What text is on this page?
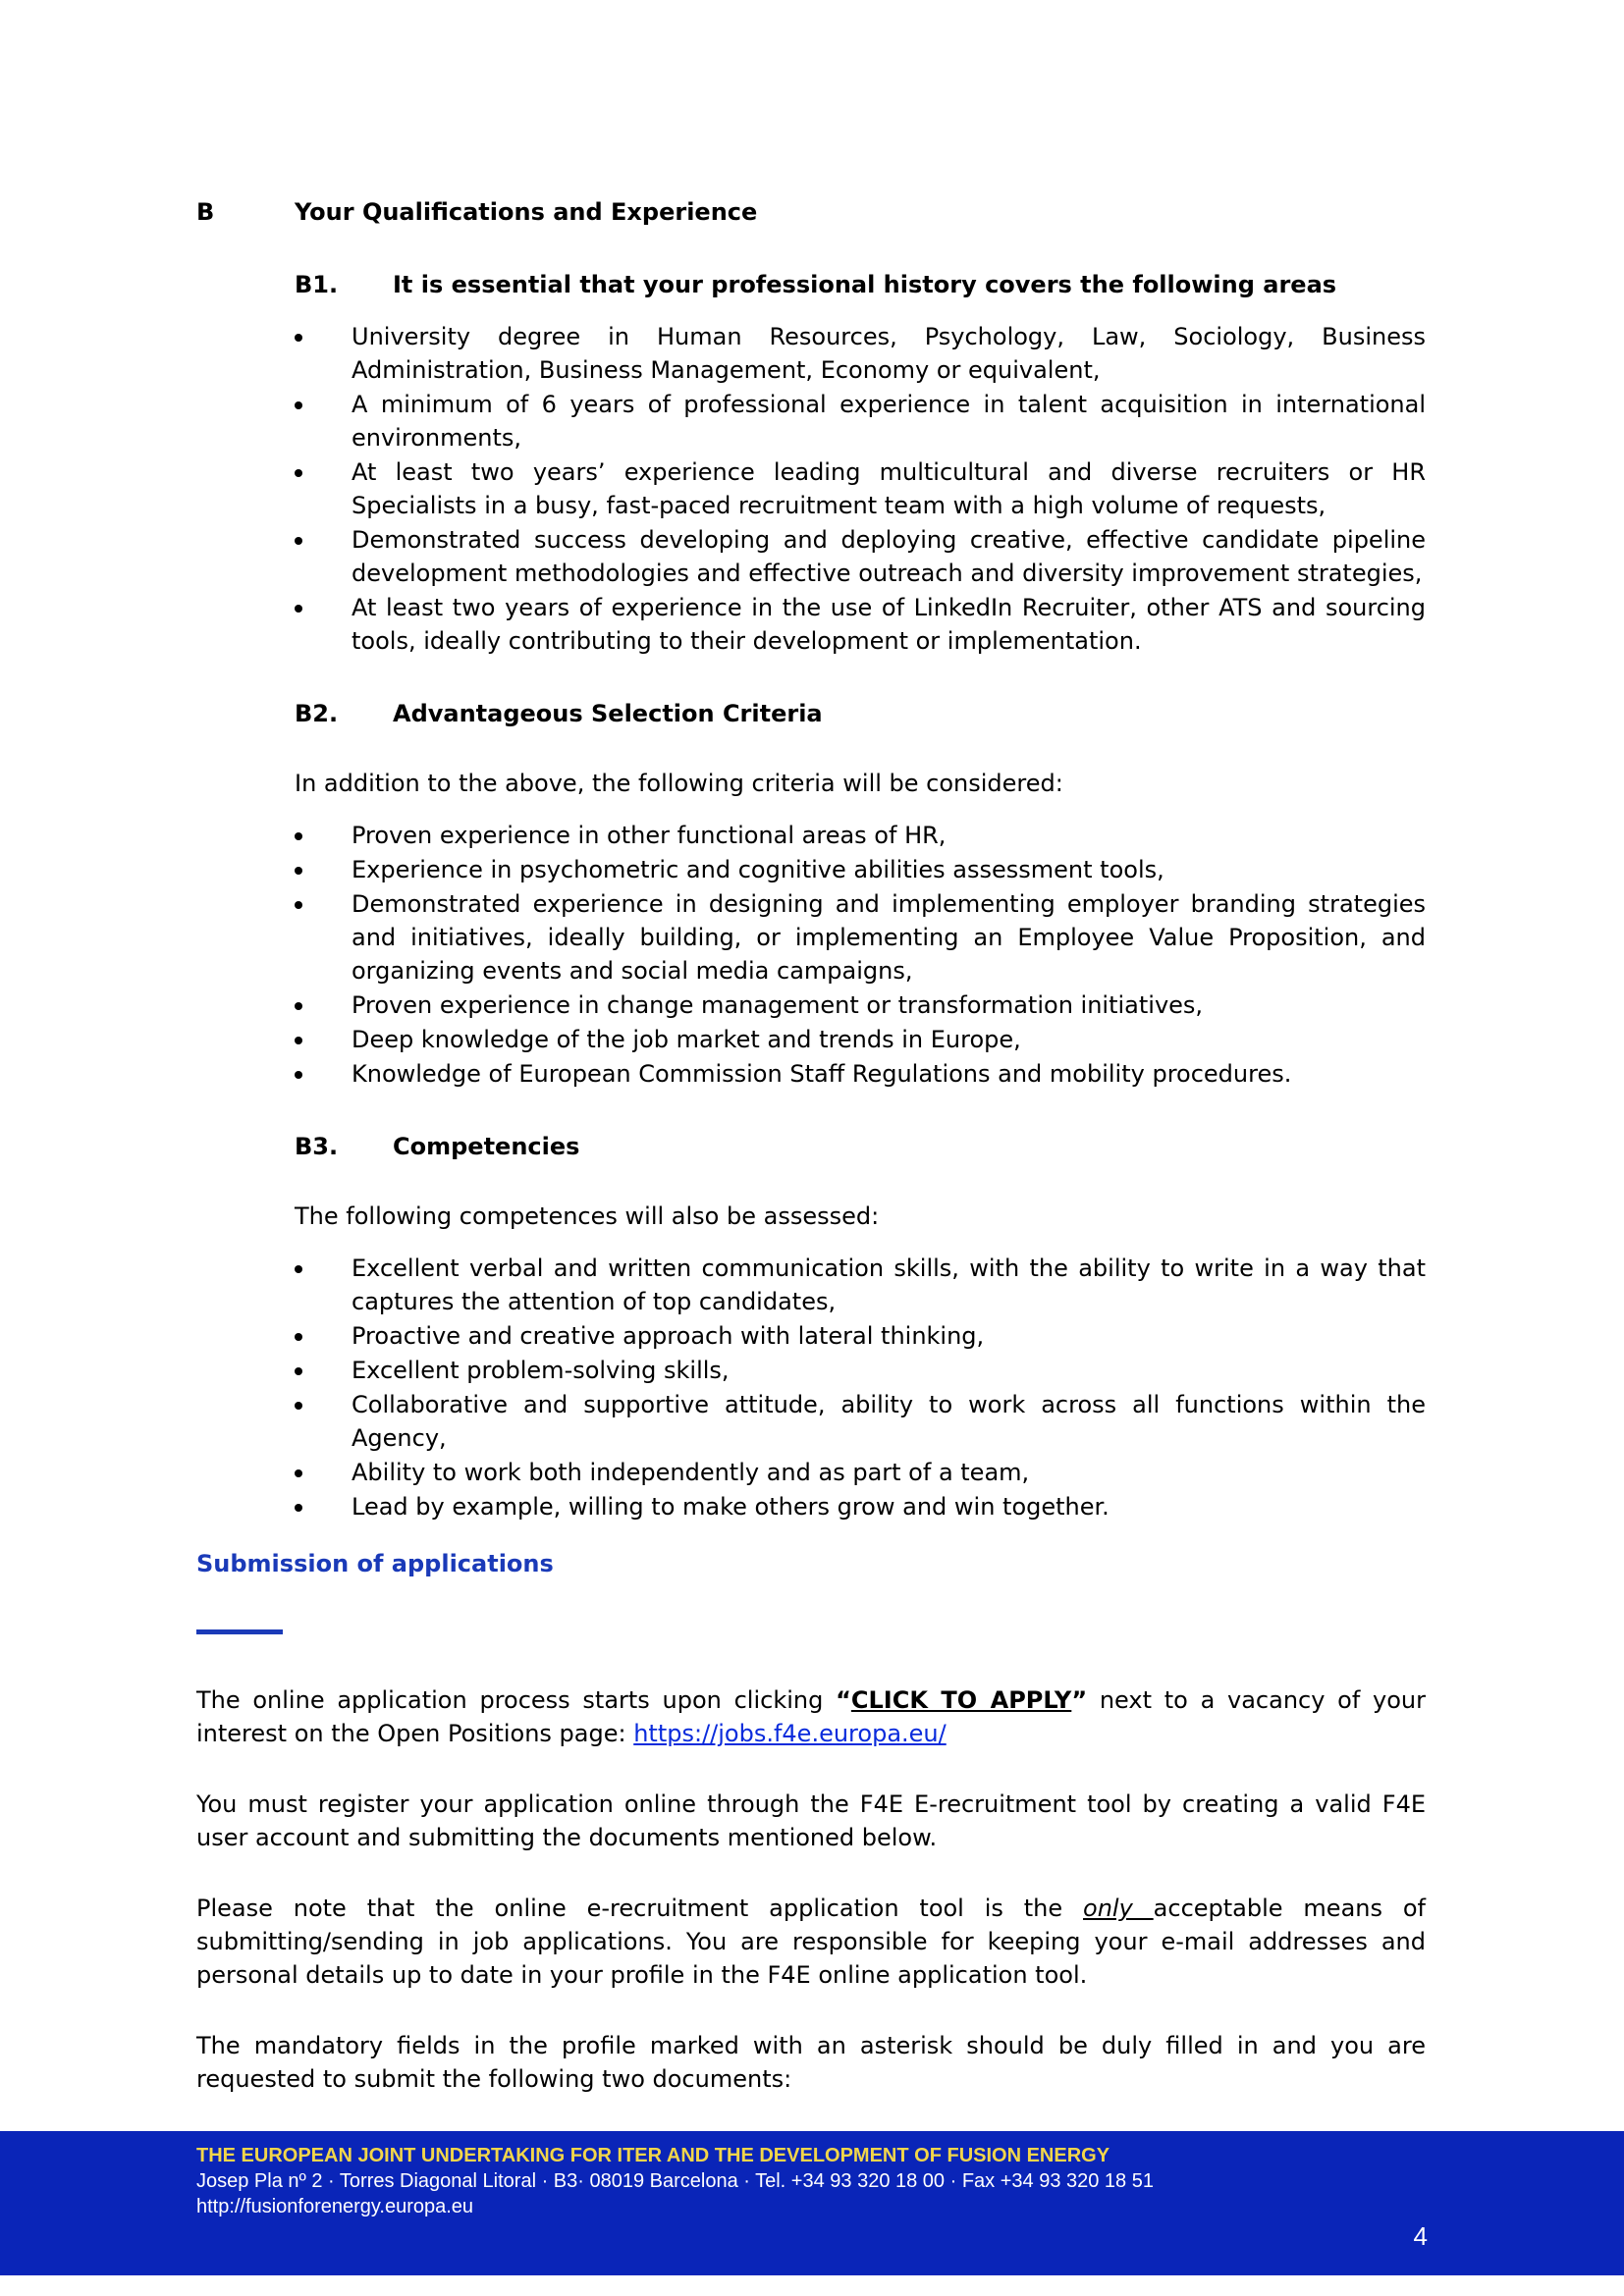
B	Your Qualifications and Experience
B1. It is essential that your professional history covers the following areas
University degree in Human Resources, Psychology, Law, Sociology, Business Administration, Business Management, Economy or equivalent,
A minimum of 6 years of professional experience in talent acquisition in international environments,
At least two years’ experience leading multicultural and diverse recruiters or HR Specialists in a busy, fast-paced recruitment team with a high volume of requests,
Demonstrated success developing and deploying creative, effective candidate pipeline development methodologies and effective outreach and diversity improvement strategies,
At least two years of experience in the use of LinkedIn Recruiter, other ATS and sourcing tools, ideally contributing to their development or implementation.
B2. Advantageous Selection Criteria
In addition to the above, the following criteria will be considered:
Proven experience in other functional areas of HR,
Experience in psychometric and cognitive abilities assessment tools,
Demonstrated experience in designing and implementing employer branding strategies and initiatives, ideally building, or implementing an Employee Value Proposition, and organizing events and social media campaigns,
Proven experience in change management or transformation initiatives,
Deep knowledge of the job market and trends in Europe,
Knowledge of European Commission Staff Regulations and mobility procedures.
B3. Competencies
The following competences will also be assessed:
Excellent verbal and written communication skills, with the ability to write in a way that captures the attention of top candidates,
Proactive and creative approach with lateral thinking,
Excellent problem-solving skills,
Collaborative and supportive attitude, ability to work across all functions within the Agency,
Ability to work both independently and as part of a team,
Lead by example, willing to make others grow and win together.
Submission of applications
The online application process starts upon clicking “CLICK TO APPLY” next to a vacancy of your interest on the Open Positions page: https://jobs.f4e.europa.eu/
You must register your application online through the F4E E-recruitment tool by creating a valid F4E user account and submitting the documents mentioned below.
Please note that the online e-recruitment application tool is the only acceptable means of submitting/sending in job applications. You are responsible for keeping your e-mail addresses and personal details up to date in your profile in the F4E online application tool.
The mandatory fields in the profile marked with an asterisk should be duly filled in and you are requested to submit the following two documents:
THE EUROPEAN JOINT UNDERTAKING FOR ITER AND THE DEVELOPMENT OF FUSION ENERGY
Josep Pla nº 2 · Torres Diagonal Litoral · B3· 08019 Barcelona · Tel. +34 93 320 18 00 · Fax +34 93 320 18 51
http://fusionforenergy.europa.eu
4
